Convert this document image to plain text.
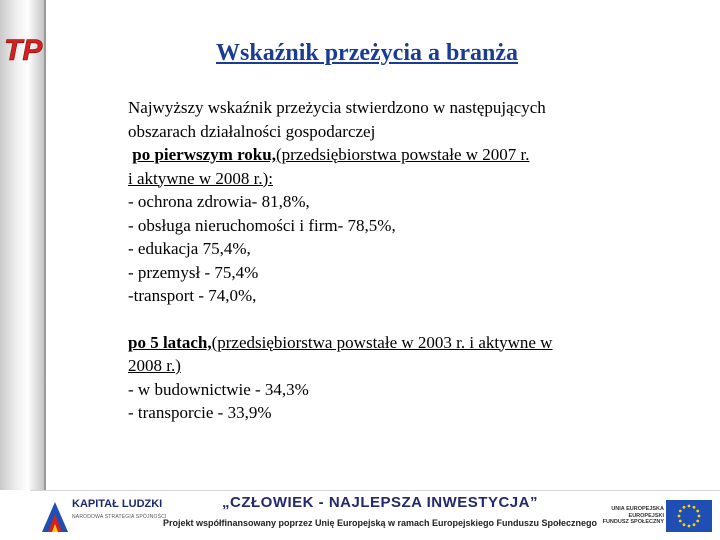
TP	Wskaźnik przeżycia a branża

Najwyższy wskaźnik przeżycia stwierdzono w następujących

obszarach działalności gospodarczej

po pierwszym roku,(przedsiębiorstwa powstałe w 2007 r.

i aktywne w 2008 r.):

- ochrona zdrowia- 81,8%,

- obsługa nieruchomości i firm- 78,5%,

- edukacja 75,4%,

- przemysł - 75,4%

-transport - 74,0%,

po 5 latach,(przedsiębiorstwa powstałe w 2003 r. i aktywne w

2008 r.)

- w budownictwie - 34,3%

- transporcie - 33,9%

KAPITAŁ LUDZKI
NARODOWA STRATEGIA SPÓJNOŚCI
„CZŁOWIEK - NAJLEPSZA INWESTYCJA”
Projekt współfinansowany poprzez Unię Europejską w ramach Europejskiego Funduszu Społecznego
UNIA EUROPEJSKA
EUROPEJSKI
FUNDUSZ SPOŁECZNY
